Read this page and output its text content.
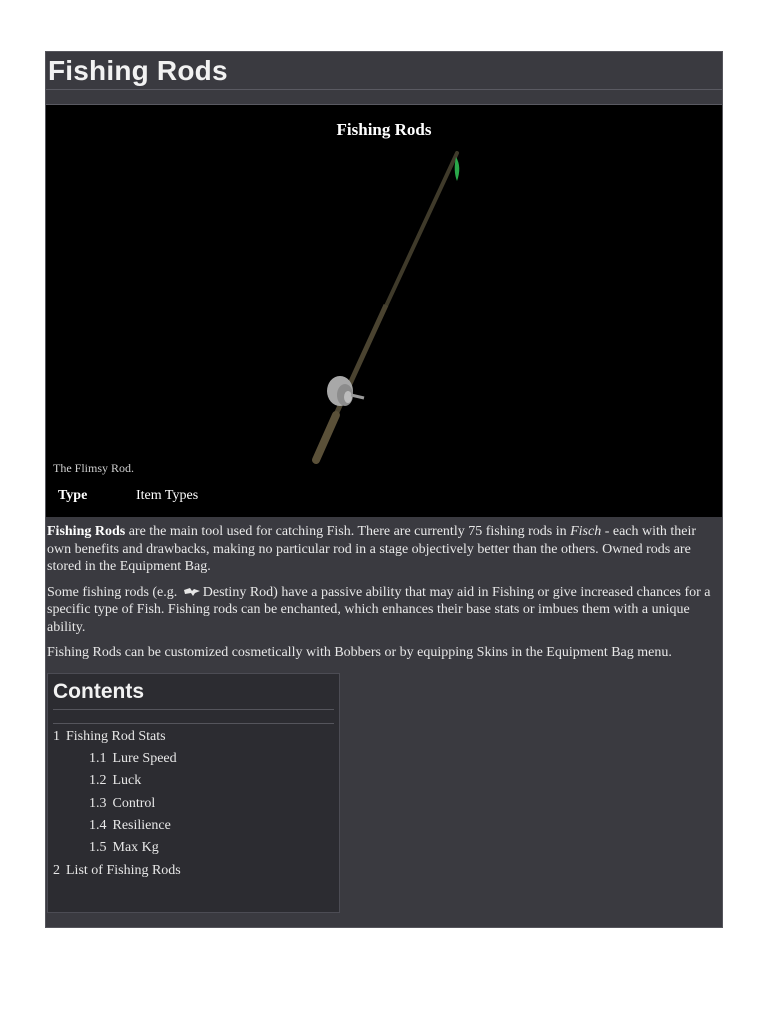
Fishing Rods
Fishing Rods
The Flimsy Rod.
Type	Item Types

Fishing Rods are the main tool used for catching Fish. There are currently 75 fishing rods in Fisch - each with their own benefits and drawbacks, making no particular rod in a stage objectively better than the others. Owned rods are stored in the Equipment Bag.

Some fishing rods (e.g. Destiny Rod) have a passive ability that may aid in Fishing or give increased chances for a specific type of Fish. Fishing rods can be enchanted, which enhances their base stats or imbues them with a unique ability.

Fishing Rods can be customized cosmetically with Bobbers or by equipping Skins in the Equipment Bag menu.

Contents
1 Fishing Rod Stats
1.1 Lure Speed
1.2 Luck
1.3 Control
1.4 Resilience
1.5 Max Kg
2 List of Fishing Rods
